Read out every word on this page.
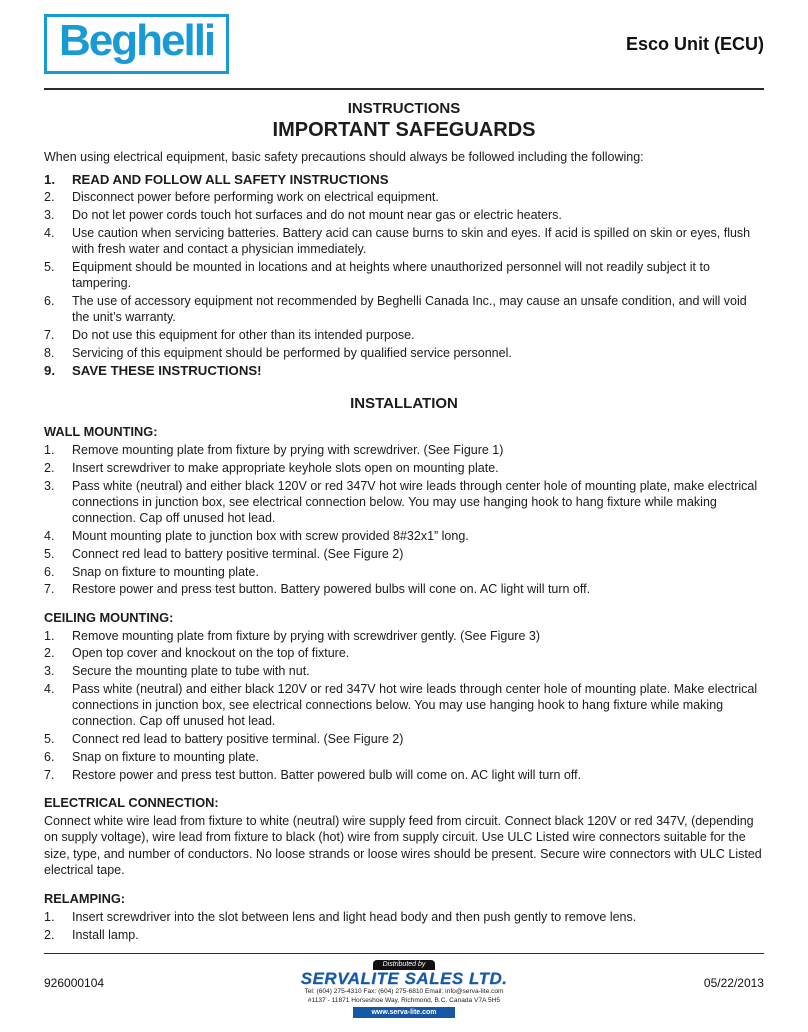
Beghelli	Esco Unit (ECU)
INSTRUCTIONS
IMPORTANT SAFEGUARDS

When using electrical equipment, basic safety precautions should always be followed including the following:

1.	READ AND FOLLOW ALL SAFETY INSTRUCTIONS
2.	Disconnect power before performing work on electrical equipment.
3.	Do not let power cords touch hot surfaces and do not mount near gas or electric heaters.
4.	Use caution when servicing batteries. Battery acid can cause burns to skin and eyes. If acid is spilled on skin or eyes, flush with fresh water and contact a physician immediately.
5.	Equipment should be mounted in locations and at heights where unauthorized personnel will not readily subject it to tampering.
6.	The use of accessory equipment not recommended by Beghelli Canada Inc., may cause an unsafe condition, and will void the unit’s warranty.
7.	Do not use this equipment for other than its intended purpose.
8.	Servicing of this equipment should be performed by qualified service personnel.
9.	SAVE THESE INSTRUCTIONS!
INSTALLATION
WALL MOUNTING:
1.	Remove mounting plate from fixture by prying with screwdriver. (See Figure 1)
2.	Insert screwdriver to make appropriate keyhole slots open on mounting plate.
3.	Pass white (neutral) and either black 120V or red 347V hot wire leads through center hole of mounting plate, make electrical connections in junction box, see electrical connection below. You may use hanging hook to hang fixture while making connection. Cap off unused hot lead.
4.	Mount mounting plate to junction box with screw provided 8#32x1” long.
5.	Connect red lead to battery positive terminal. (See Figure 2)
6.	Snap on fixture to mounting plate.
7.	Restore power and press test button. Battery powered bulbs will cone on. AC light will turn off.
CEILING MOUNTING:
1.	Remove mounting plate from fixture by prying with screwdriver gently. (See Figure 3)
2.	Open top cover and knockout on the top of fixture.
3.	Secure the mounting plate to tube with nut.
4.	Pass white (neutral) and either black 120V or red 347V hot wire leads through center hole of mounting plate. Make electrical connections in junction box, see electrical connections below. You may use hanging hook to hang fixture while making connection. Cap off unused hot lead.
5.	Connect red lead to battery positive terminal. (See Figure 2)
6.	Snap on fixture to mounting plate.
7.	Restore power and press test button. Batter powered bulb will come on. AC light will turn off.
ELECTRICAL CONNECTION:

Connect white wire lead from fixture to white (neutral) wire supply feed from circuit. Connect black 120V or red 347V, (depending on supply voltage), wire lead from fixture to black (hot) wire from supply circuit. Use ULC Listed wire connectors suitable for the size, type, and number of conductors. No loose strands or loose wires should be present. Secure wire connectors with ULC Listed electrical tape.

RELAMPING:
1.	Insert screwdriver into the slot between lens and light head body and then push gently to remove lens.
2.	Install lamp.
926000104
Distributed by
SERVALITE SALES LTD.
Tel: (604) 275-4310 Fax: (604) 275-6810 Email: info@serva-lite.com
#1137 - 11871 Horseshoe Way, Richmond, B.C. Canada V7A 5H5
www.serva-lite.com
05/22/2013
